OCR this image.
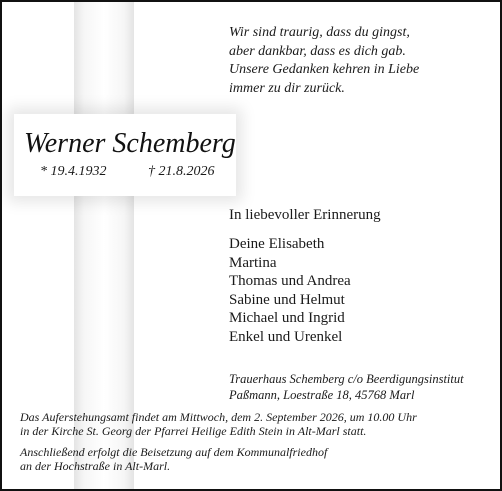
Werner Schemberg
* 19.4.1932	† 21.8.2026
Wir sind traurig, dass du gingst,
aber dankbar, dass es dich gab.
Unsere Gedanken kehren in Liebe
immer zu dir zurück.
In liebevoller Erinnerung
Deine Elisabeth
Martina
Thomas und Andrea
Sabine und Helmut
Michael und Ingrid
Enkel und Urenkel
Trauerhaus Schemberg c/o Beerdigungsinstitut
Paßmann, Loestraße 18, 45768 Marl
Das Auferstehungsamt findet am Mittwoch, dem 2. September 2026, um 10.00 Uhr
in der Kirche St. Georg der Pfarrei Heilige Edith Stein in Alt-Marl statt.
Anschließend erfolgt die Beisetzung auf dem Kommunalfriedhof
an der Hochstraße in Alt-Marl.
